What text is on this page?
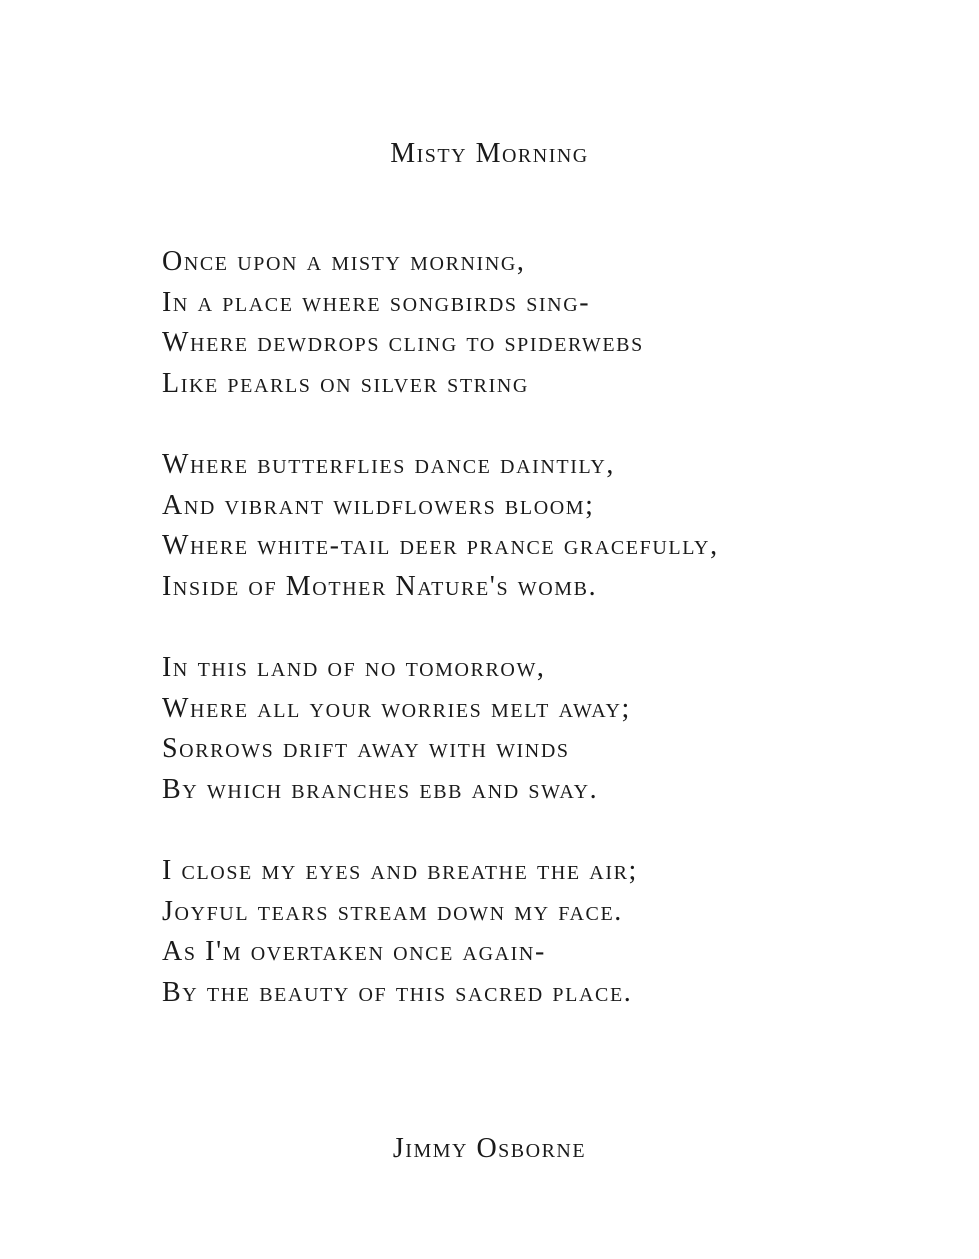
Misty Morning
Once upon a misty morning,
In a place where songbirds sing-
Where dewdrops cling to spiderwebs
Like pearls on silver string
Where butterflies dance daintily,
And vibrant wildflowers bloom;
Where white-tail deer prance gracefully,
Inside of Mother Nature's womb.
In this land of no tomorrow,
Where all your worries melt away;
Sorrows drift away with winds
By which branches ebb and sway.
I close my eyes and breathe the air;
Joyful tears stream down my face.
As I'm overtaken once again-
By the beauty of this sacred place.
Jimmy Osborne
